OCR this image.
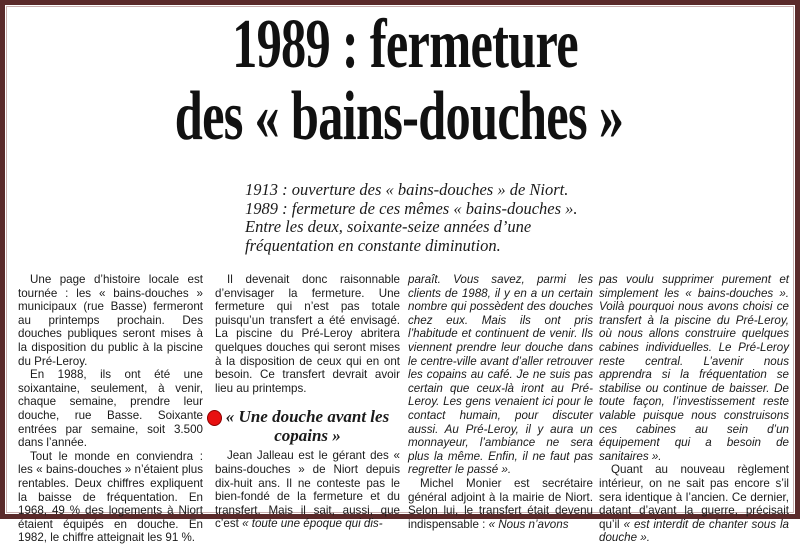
1989 : fermeture
des « bains-douches »
1913 : ouverture des « bains-douches » de Niort.
1989 : fermeture de ces mêmes « bains-douches ».
Entre les deux, soixante-seize années d’une
fréquentation en constante diminution.

Une page d’histoire locale est tournée : les « bains-douches » municipaux (rue Basse) fermeront au printemps prochain. Des douches publiques seront mises à la disposition du public à la piscine du Pré-Leroy.

En 1988, ils ont été une soixantaine, seulement, à venir, chaque semaine, prendre leur douche, rue Basse. Soixante entrées par semaine, soit 3.500 dans l’année.

Tout le monde en conviendra : les « bains-douches » n’étaient plus rentables. Deux chiffres expliquent la baisse de fréquentation. En 1968, 49 % des logements à Niort étaient équipés en douche. En 1982, le chiffre atteignait les 91 %.

Il devenait donc raisonnable d’envisager la fermeture. Une fermeture qui n’est pas totale puisqu’un transfert a été envisagé. La piscine du Pré-Leroy abritera quelques douches qui seront mises à la disposition de ceux qui en ont besoin. Ce transfert devrait avoir lieu au printemps.

« Une douche avant les copains »

Jean Jalleau est le gérant des « bains-douches » de Niort depuis dix-huit ans. Il ne conteste pas le bien-fondé de la fermeture et du transfert. Mais il sait, aussi, que c’est « toute une époque qui dis-

paraît. Vous savez, parmi les clients de 1988, il y en a un certain nombre qui possèdent des douches chez eux. Mais ils ont pris l’habitude et continuent de venir. Ils viennent prendre leur douche dans le centre-ville avant d’aller retrouver les copains au café. Je ne suis pas certain que ceux-là iront au Pré-Leroy. Les gens venaient ici pour le contact humain, pour discuter aussi. Au Pré-Leroy, il y aura un monnayeur, l’ambiance ne sera plus la même. Enfin, il ne faut pas regretter le passé ».

Michel Monier est secrétaire général adjoint à la mairie de Niort. Selon lui, le transfert était devenu indispensable : « Nous n’avons

pas voulu supprimer purement et simplement les « bains-douches ». Voilà pourquoi nous avons choisi ce transfert à la piscine du Pré-Leroy, où nous allons construire quelques cabines individuelles. Le Pré-Leroy reste central. L’avenir nous apprendra si la fréquentation se stabilise ou continue de baisser. De toute façon, l’investissement reste valable puisque nous construisons ces cabines au sein d’un équipement qui a besoin de sanitaires ».

Quant au nouveau règlement intérieur, on ne sait pas encore s’il sera identique à l’ancien. Ce dernier, datant d’avant la guerre, précisait qu’il « est interdit de chanter sous la douche ».
